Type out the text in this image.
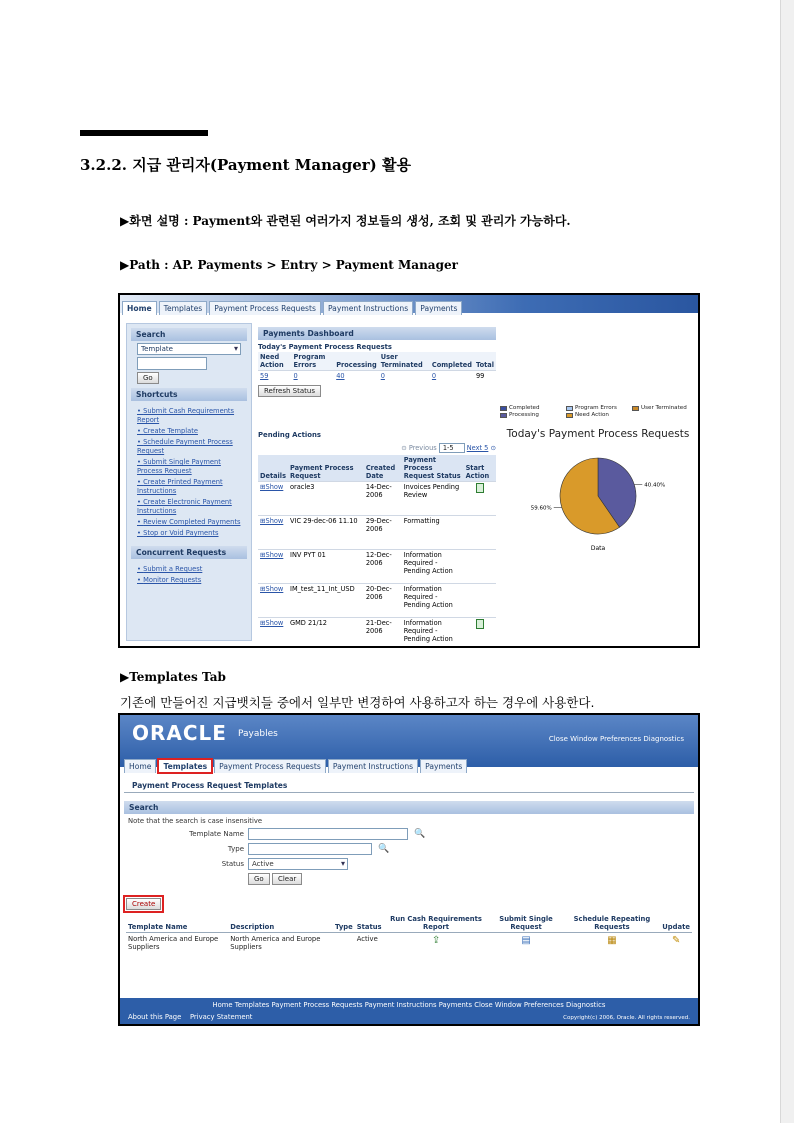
3.2.2. 지급 관리자(Payment Manager) 활용
▶화면 설명 : Payment와 관련된 여러가지 정보들의 생성, 조회 및 관리가 가능하다.
▶Path : AP. Payments > Entry > Payment Manager
Home	Templates	Payment Process Requests	Payment Instructions	Payments
Search
Template ▾
Go
Shortcuts
• Submit Cash Requirements Report
• Create Template
• Schedule Payment Process Request
• Submit Single Payment Process Request
• Create Printed Payment Instructions
• Create Electronic Payment Instructions
• Review Completed Payments
• Stop or Void Payments
Concurrent Requests
• Submit a Request
• Monitor Requests
Payments Dashboard
Today's Payment Process Requests
Need Action	Program Errors	Processing	User Terminated	Completed	Total
59	0	40	0	0	99
Refresh Status
Pending Actions
⊙ Previous 1-5 Next 5 ⊙
Details	Payment Process Request	Created Date	Payment Process Request Status	Start Action
⊞Show	oracle3	14-Dec-2006	Invoices Pending Review	
⊞Show	VIC 29-dec-06 11.10	29-Dec-2006	Formatting	
⊞Show	INV PYT 01	12-Dec-2006	Information Required - Pending Action	
⊞Show	IM_test_11_Int_USD	20-Dec-2006	Information Required - Pending Action	
⊞Show	GMD 21/12	21-Dec-2006	Information Required - Pending Action	
Completed	Program Errors	User Terminated
Processing	Need Action
Today's Payment Process Requests
40.40%
59.60%
Data
▶Templates Tab
기존에 만들어진 지급뱃치들 중에서 일부만 변경하여 사용하고자 하는 경우에 사용한다.
ORACLE Payables	Close Window Preferences Diagnostics
Home	Templates	Payment Process Requests	Payment Instructions	Payments
Payment Process Request Templates
Search
Note that the search is case insensitive
Template Name	🔍
Type	🔍
Status	Active ▾
Go
	Clear
Create
Template Name	Description	Type	Status	Run Cash Requirements Report	Submit Single Request	Schedule Repeating Requests	Update
North America and Europe Suppliers	North America and Europe Suppliers		Active	⇪	▤	▦	✎
Home Templates Payment Process Requests Payment Instructions Payments Close Window Preferences Diagnostics
About this Page Privacy Statement	Copyright(c) 2006, Oracle. All rights reserved.
